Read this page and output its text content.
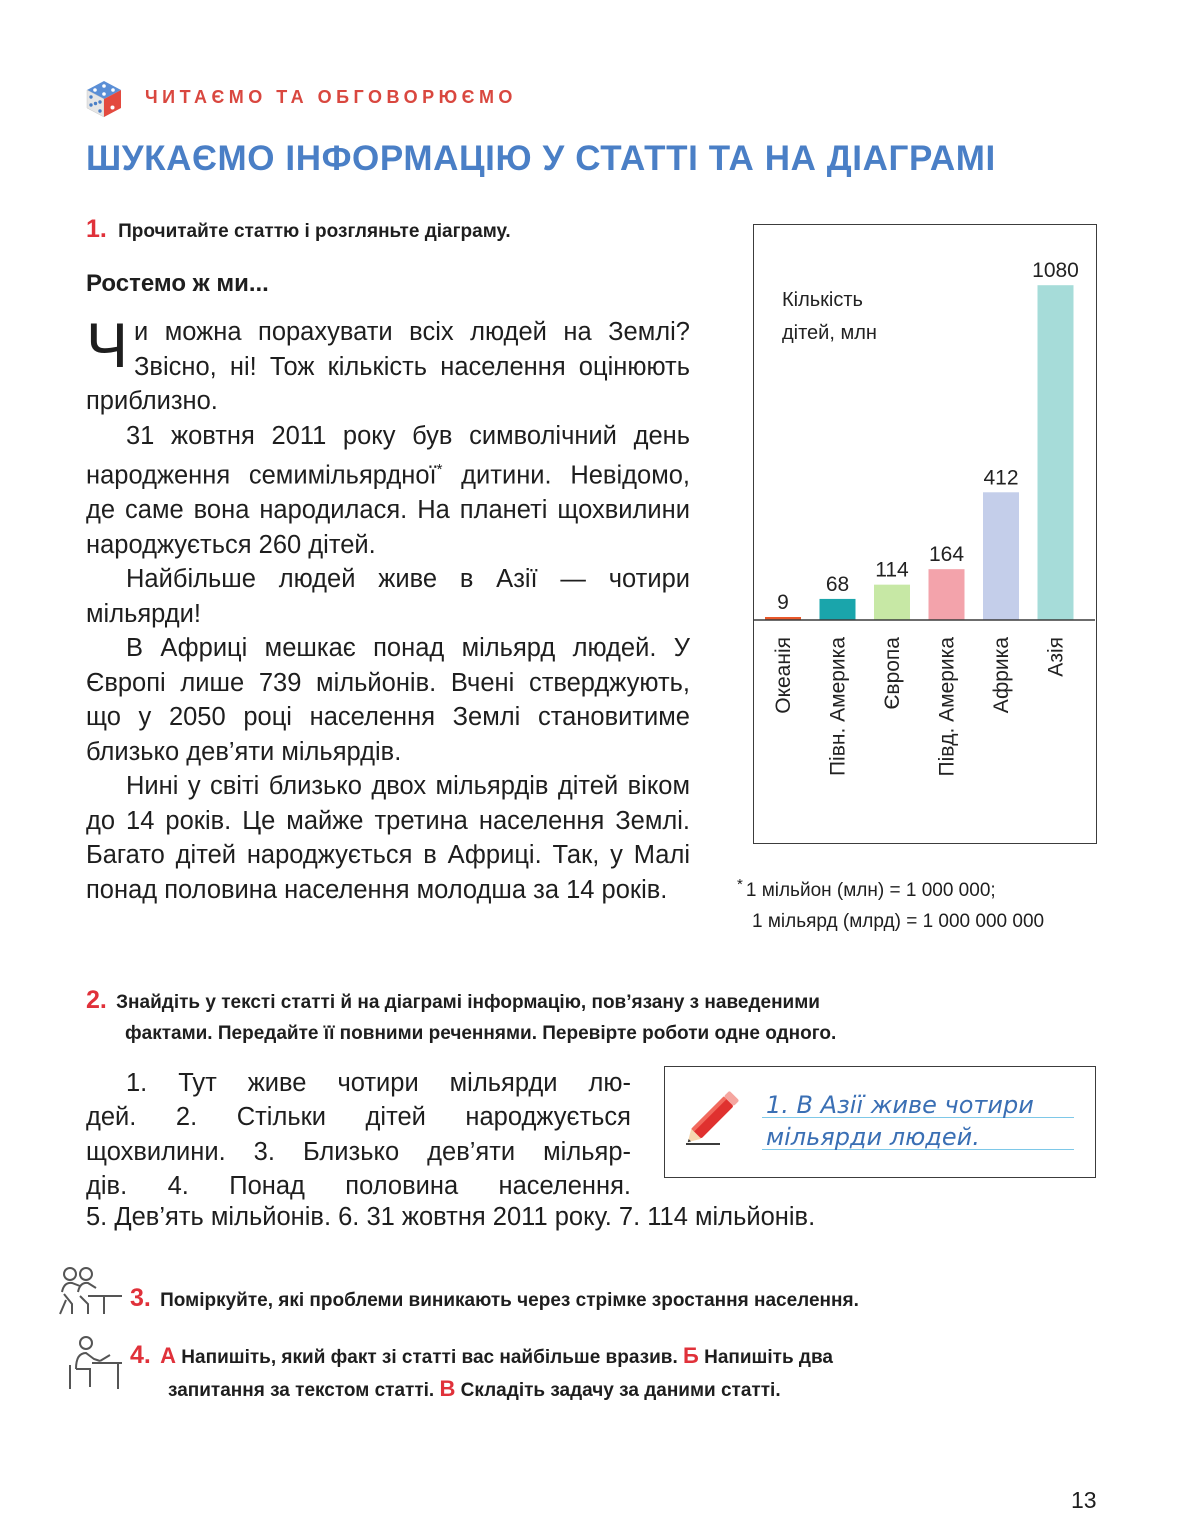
ЧИТАЄМО ТА ОБГОВОРЮЄМО
ШУКАЄМО ІНФОРМАЦІЮ У СТАТТІ ТА НА ДІАГРАМІ
1. Прочитайте статтю і розгляньте діаграму.
Ростемо ж ми...

Чи можна порахувати всіх людей на Землі? Звісно, ні! Тож кількість населення оцінюють приблизно.

31 жовтня 2011 року був символічний день народження семимільярдної* дитини. Невідомо, де саме вона народилася. На планеті щохвилини народжується 260 дітей.

Найбільше людей живе в Азії — чотири мільярди!

В Африці мешкає понад мільярд людей. У Європі лише 739 мільйонів. Вчені стверджують, що у 2050 році населення Землі становитиме близько дев’яти мільярдів.

Нині у світі близько двох мільярдів дітей віком до 14 років. Це майже третина населення Землі. Багато дітей народжується в Африці. Так, у Малі понад половина населення молодша за 14 років.

Кількість
дітей, млн
9
Океанія
68
Півн. Америка
114
Європа
164
Півд. Америка
412
Африка
1080
Азія
* 1 мільйон (млн) = 1 000 000;
1 мільярд (млрд) = 1 000 000 000
2. Знайдіть у тексті статті й на діаграмі інформацію, пов’язану з наведеними
фактами. Передайте її повними реченнями. Перевірте роботи одне одного.

1. Тут живе чотири мільярди лю-

дей. 2. Стільки дітей народжується

щохвилини. 3. Близько дев’яти мільяр-

дів. 4. Понад половина населення.

5. Дев’ять мільйонів. 6. 31 жовтня 2011 року. 7. 114 мільйонів.
1. В Азії живе чотири
мільярди людей.
3. Поміркуйте, які проблеми виникають через стрімке зростання населення.
4. А Напишіть, який факт зі статті вас найбільше вразив. Б Напишіть два
запитання за текстом статті. В Складіть задачу за даними статті.
13
